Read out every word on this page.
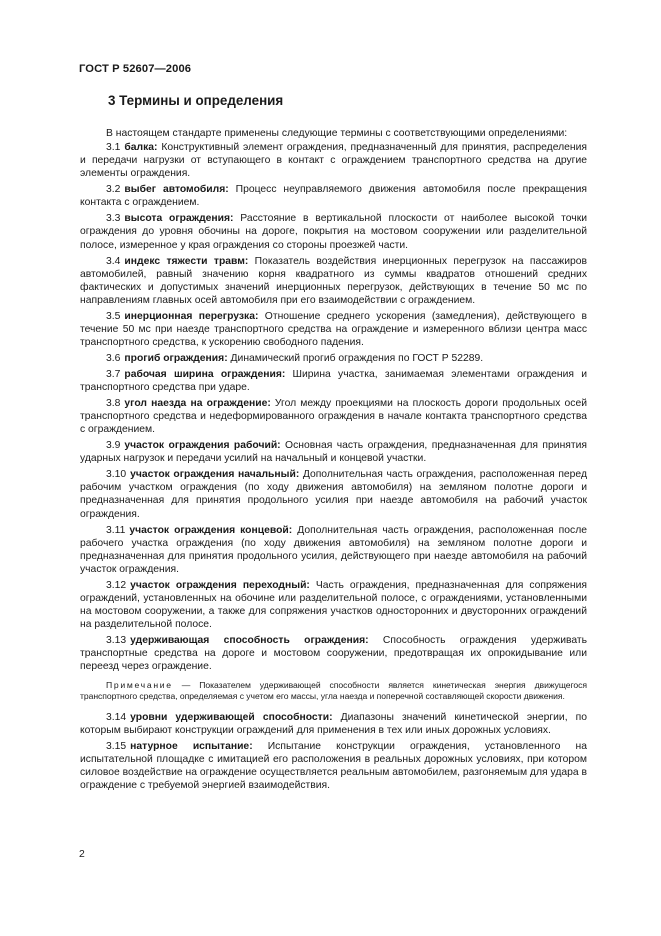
ГОСТ Р 52607—2006
3 Термины и определения

В настоящем стандарте применены следующие термины с соответствующими определениями:

3.1 балка: Конструктивный элемент ограждения, предназначенный для принятия, распределения и передачи нагрузки от вступающего в контакт с ограждением транспортного средства на другие элементы ограждения.

3.2 выбег автомобиля: Процесс неуправляемого движения автомобиля после прекращения контакта с ограждением.

3.3 высота ограждения: Расстояние в вертикальной плоскости от наиболее высокой точки ограждения до уровня обочины на дороге, покрытия на мостовом сооружении или разделительной полосе, измеренное у края ограждения со стороны проезжей части.

3.4 индекс тяжести травм: Показатель воздействия инерционных перегрузок на пассажиров автомобилей, равный значению корня квадратного из суммы квадратов отношений средних фактических и допустимых значений инерционных перегрузок, действующих в течение 50 мс по направлениям главных осей автомобиля при его взаимодействии с ограждением.

3.5 инерционная перегрузка: Отношение среднего ускорения (замедления), действующего в течение 50 мс при наезде транспортного средства на ограждение и измеренного вблизи центра масс транспортного средства, к ускорению свободного падения.

3.6 прогиб ограждения: Динамический прогиб ограждения по ГОСТ Р 52289.

3.7 рабочая ширина ограждения: Ширина участка, занимаемая элементами ограждения и транспортного средства при ударе.

3.8 угол наезда на ограждение: Угол между проекциями на плоскость дороги продольных осей транспортного средства и недеформированного ограждения в начале контакта транспортного средства с ограждением.

3.9 участок ограждения рабочий: Основная часть ограждения, предназначенная для принятия ударных нагрузок и передачи усилий на начальный и концевой участки.

3.10 участок ограждения начальный: Дополнительная часть ограждения, расположенная перед рабочим участком ограждения (по ходу движения автомобиля) на земляном полотне дороги и предназначенная для принятия продольного усилия при наезде автомобиля на рабочий участок ограждения.

3.11 участок ограждения концевой: Дополнительная часть ограждения, расположенная после рабочего участка ограждения (по ходу движения автомобиля) на земляном полотне дороги и предназначенная для принятия продольного усилия, действующего при наезде автомобиля на рабочий участок ограждения.

3.12 участок ограждения переходный: Часть ограждения, предназначенная для сопряжения ограждений, установленных на обочине или разделительной полосе, с ограждениями, установленными на мостовом сооружении, а также для сопряжения участков односторонних и двусторонних ограждений на разделительной полосе.

3.13 удерживающая способность ограждения: Способность ограждения удерживать транспортные средства на дороге и мостовом сооружении, предотвращая их опрокидывание или переезд через ограждение.

Примечание — Показателем удерживающей способности является кинетическая энергия движущегося транспортного средства, определяемая с учетом его массы, угла наезда и поперечной составляющей скорости движения.

3.14 уровни удерживающей способности: Диапазоны значений кинетической энергии, по которым выбирают конструкции ограждений для применения в тех или иных дорожных условиях.

3.15 натурное испытание: Испытание конструкции ограждения, установленного на испытательной площадке с имитацией его расположения в реальных дорожных условиях, при котором силовое воздействие на ограждение осуществляется реальным автомобилем, разгоняемым для удара в ограждение с требуемой энергией взаимодействия.

2
